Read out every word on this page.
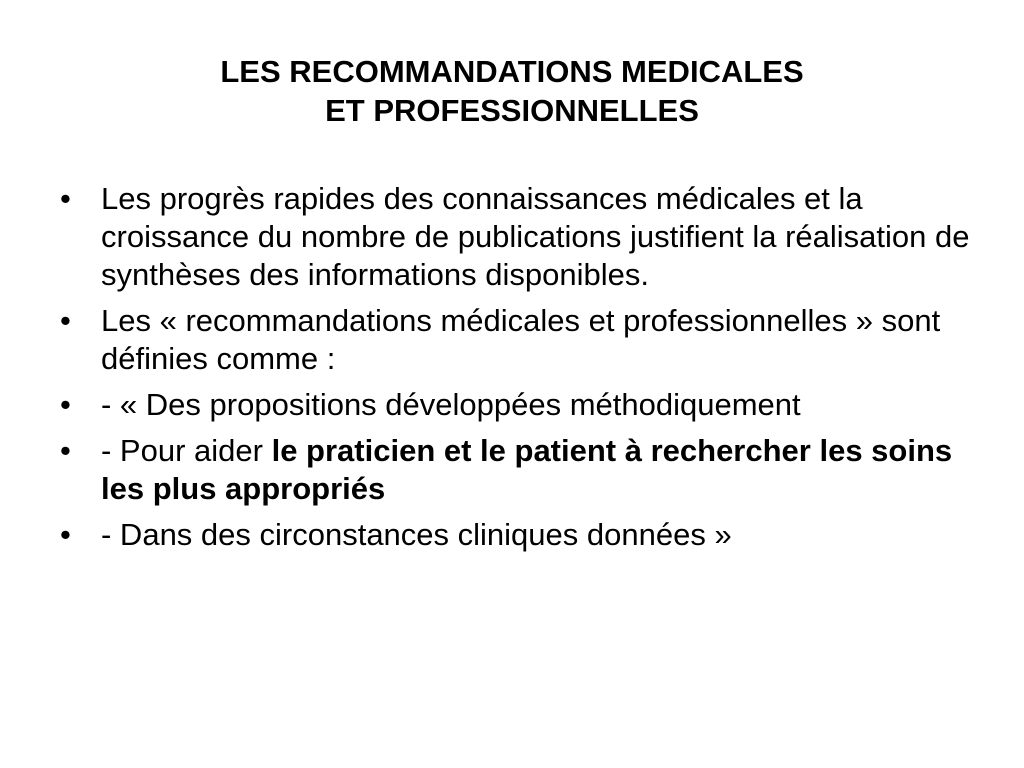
LES RECOMMANDATIONS MEDICALES
ET PROFESSIONNELLES
• Les progrès rapides des connaissances médicales et la croissance du nombre de publications justifient la réalisation de synthèses des informations disponibles.
• Les « recommandations médicales et professionnelles » sont définies comme :
• - « Des propositions développées méthodiquement
• - Pour aider le praticien et le patient à rechercher les soins les plus appropriés
• - Dans des circonstances cliniques données »
